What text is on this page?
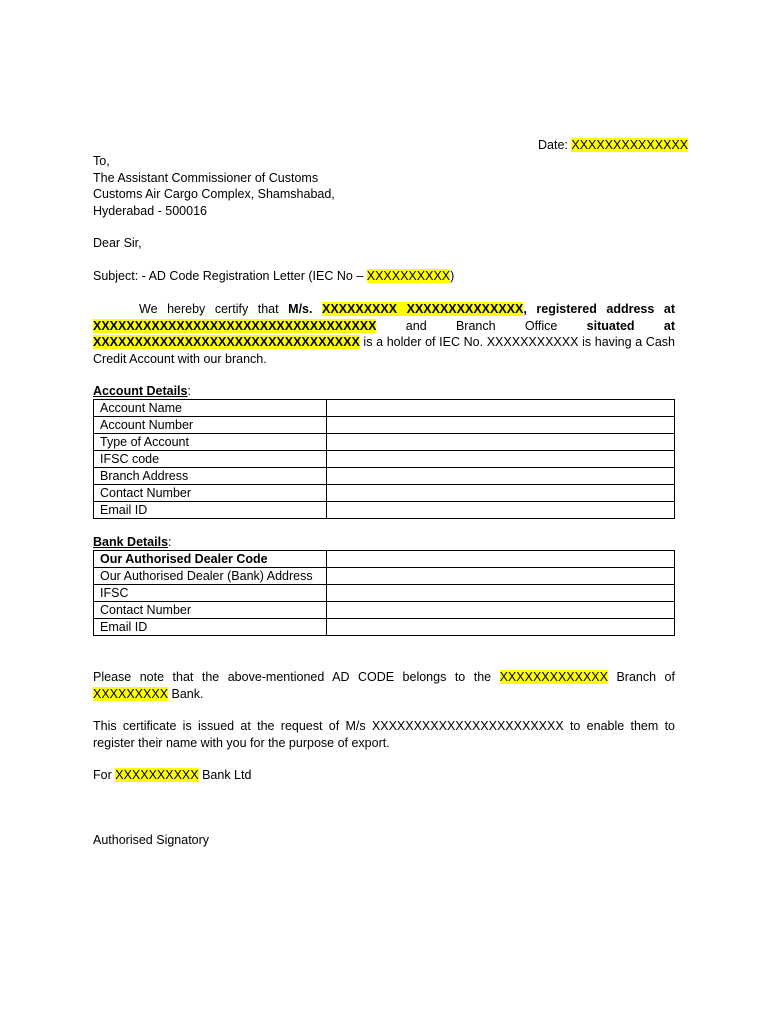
Date: XXXXXXXXXXXXXX
To,
The Assistant Commissioner of Customs
Customs Air Cargo Complex, Shamshabad,
Hyderabad - 500016
Dear Sir,
Subject: - AD Code Registration Letter (IEC No – XXXXXXXXXX)
We hereby certify that M/s. XXXXXXXXX XXXXXXXXXXXXXX, registered address at XXXXXXXXXXXXXXXXXXXXXXXXXXXXXXXXXX and Branch Office situated at XXXXXXXXXXXXXXXXXXXXXXXXXXXXXXXX is a holder of IEC No. XXXXXXXXXXX is having a Cash Credit Account with our branch.
Account Details:
Account Name	
Account Number	
Type of Account	
IFSC code	
Branch Address	
Contact Number	
Email ID	
Bank Details:
Our Authorised Dealer Code	
Our Authorised Dealer (Bank) Address	
IFSC	
Contact Number	
Email ID	
Please note that the above-mentioned AD CODE belongs to the XXXXXXXXXXXXX Branch of XXXXXXXXX Bank.
This certificate is issued at the request of M/s XXXXXXXXXXXXXXXXXXXXXXX to enable them to register their name with you for the purpose of export.
For XXXXXXXXXX Bank Ltd
Authorised Signatory
